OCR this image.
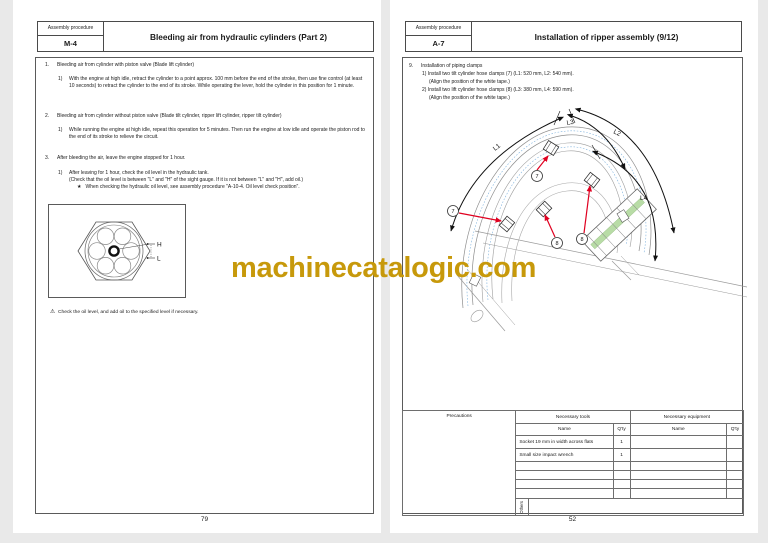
Assembly procedure
M-4
Bleeding air from hydraulic cylinders (Part 2)
1.	Bleeding air from cylinder with piston valve (Blade lift cylinder)
1)	With the engine at high idle, retract the cylinder to a point approx. 100 mm before the end of the stroke, then use fine control (at least 10 seconds) to retract the cylinder to the end of its stroke. While operating the lever, hold the cylinder in this position for 1 minute.
2.	Bleeding air from cylinder without piston valve (Blade tilt cylinder, ripper lift cylinder, ripper tilt cylinder)
1)	While running the engine at high idle, repeat this operation for 5 minutes. Then run the engine at low idle and operate the piston rod to the end of its stroke to relieve the circuit.
3.	After bleeding the air, leave the engine stopped for 1 hour.
1)	After leaving for 1 hour, check the oil level in the hydraulic tank.
(Check that the oil level is between "L" and "H" of the sight gauge. If it is not between "L" and "H", add oil.)
★ When checking the hydraulic oil level, see assembly procedure "A-10-4. Oil level check position".
H
L
⚠ Check the oil level, and add oil to the specified level if necessary.
79
Assembly procedure
A-7
Installation of ripper assembly (9/12)
9.	Installation of piping clamps
1) Install two tilt cylinder hose clamps (7) (L1: 520 mm, L2: 540 mm).
(Align the position of the white tape.)
2) Install two lift cylinder hose clamps (8) (L3: 380 mm, L4: 590 mm).
(Align the position of the white tape.)
L1
L2
L3
L4
7
7
8
8
Precautions	Necessary tools			Necessary equipment	
	Name		Q'ty	Name	Q'ty
	Socket 19 mm in width across flats		1		
	Small size impact wrench		1		

	Others				

52
machinecatalogic.com
